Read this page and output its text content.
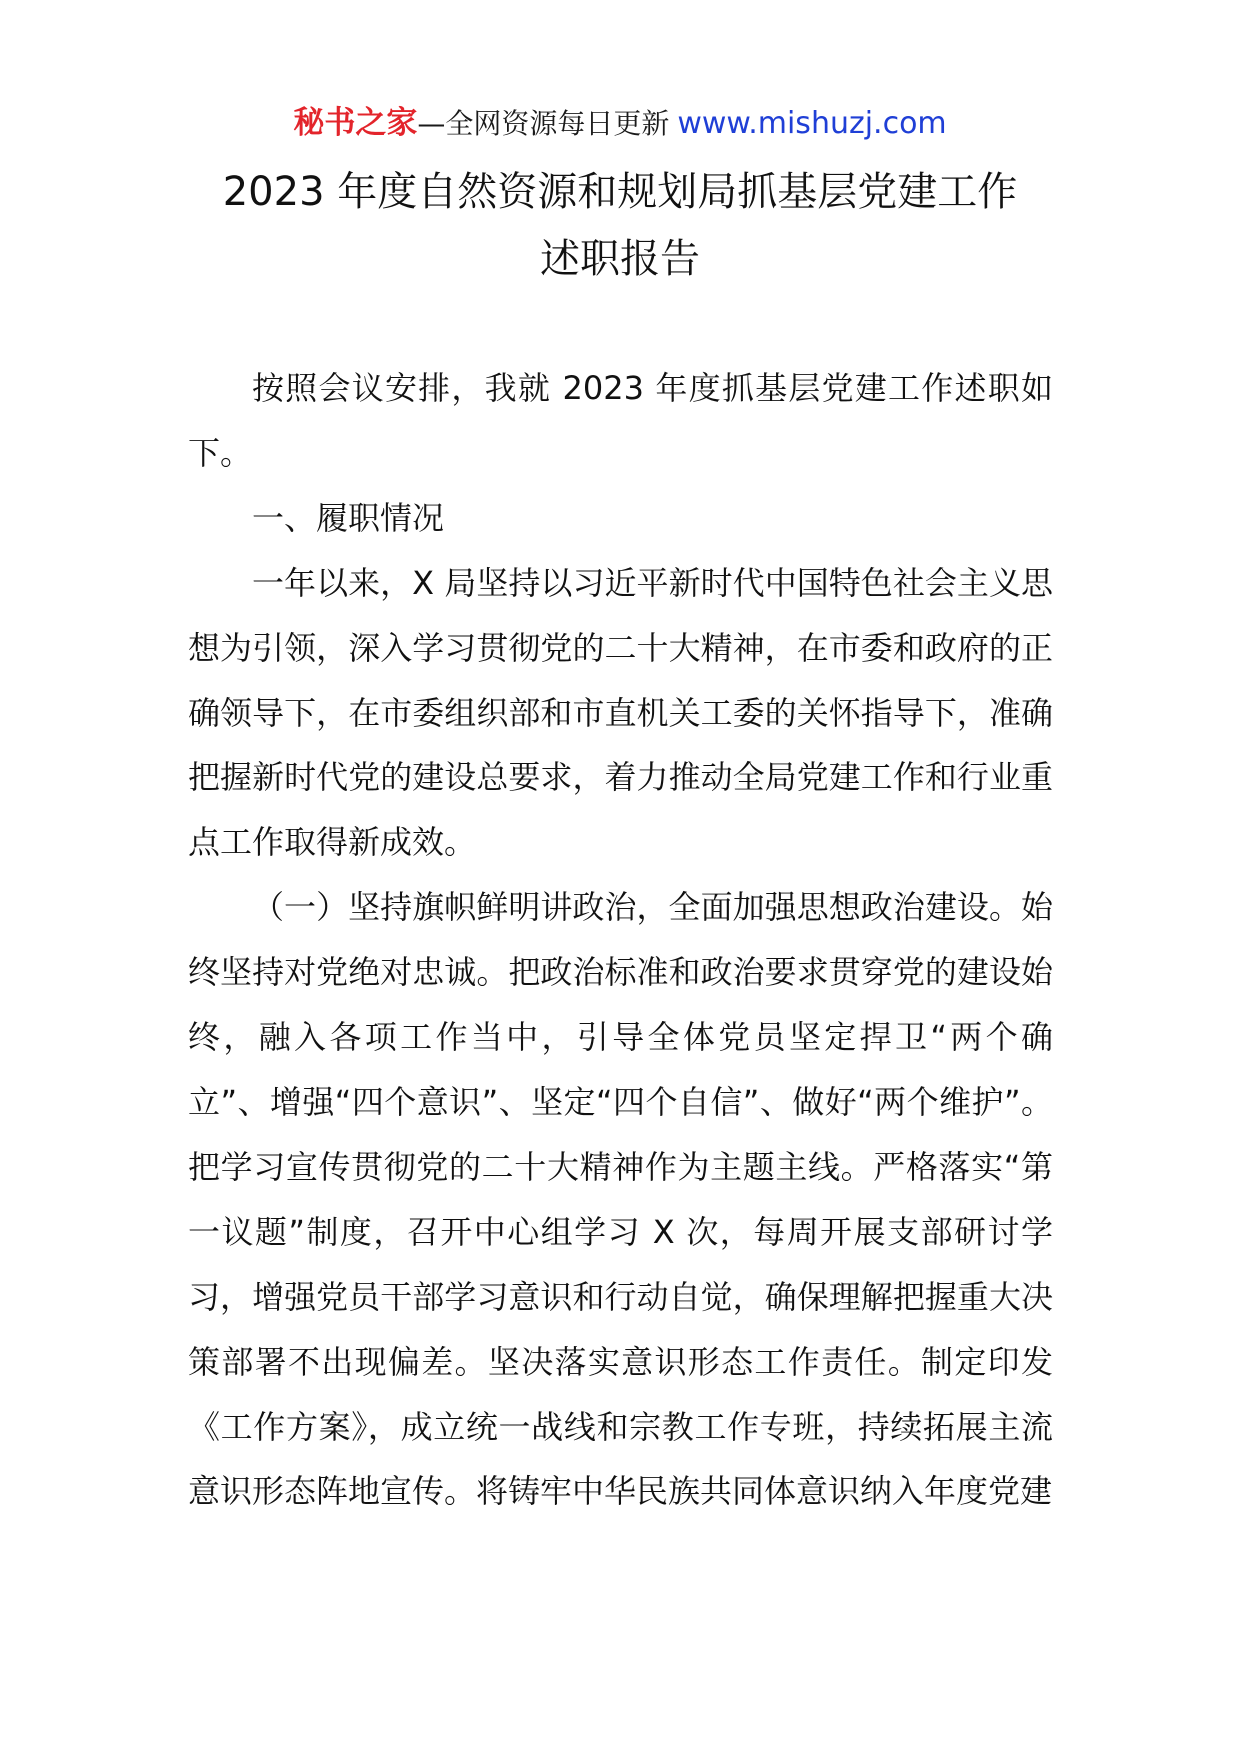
秘书之家—全网资源每日更新 www.mishuzj.com
2023 年度自然资源和规划局抓基层党建工作
述职报告

按照会议安排，我就 2023 年度抓基层党建工作述职如下。

一、履职情况

一年以来，X 局坚持以习近平新时代中国特色社会主义思想为引领，深入学习贯彻党的二十大精神，在市委和政府的正确领导下，在市委组织部和市直机关工委的关怀指导下，准确把握新时代党的建设总要求，着力推动全局党建工作和行业重点工作取得新成效。

（一）坚持旗帜鲜明讲政治，全面加强思想政治建设。始终坚持对党绝对忠诚。把政治标准和政治要求贯穿党的建设始终，融入各项工作当中，引导全体党员坚定捍卫“两个确立”、增强“四个意识”、坚定“四个自信”、做好“两个维护”。把学习宣传贯彻党的二十大精神作为主题主线。严格落实“第一议题”制度，召开中心组学习 X 次，每周开展支部研讨学习，增强党员干部学习意识和行动自觉，确保理解把握重大决策部署不出现偏差。坚决落实意识形态工作责任。制定印发《工作方案》，成立统一战线和宗教工作专班，持续拓展主流意识形态阵地宣传。将铸牢中华民族共同体意识纳入年度党建
